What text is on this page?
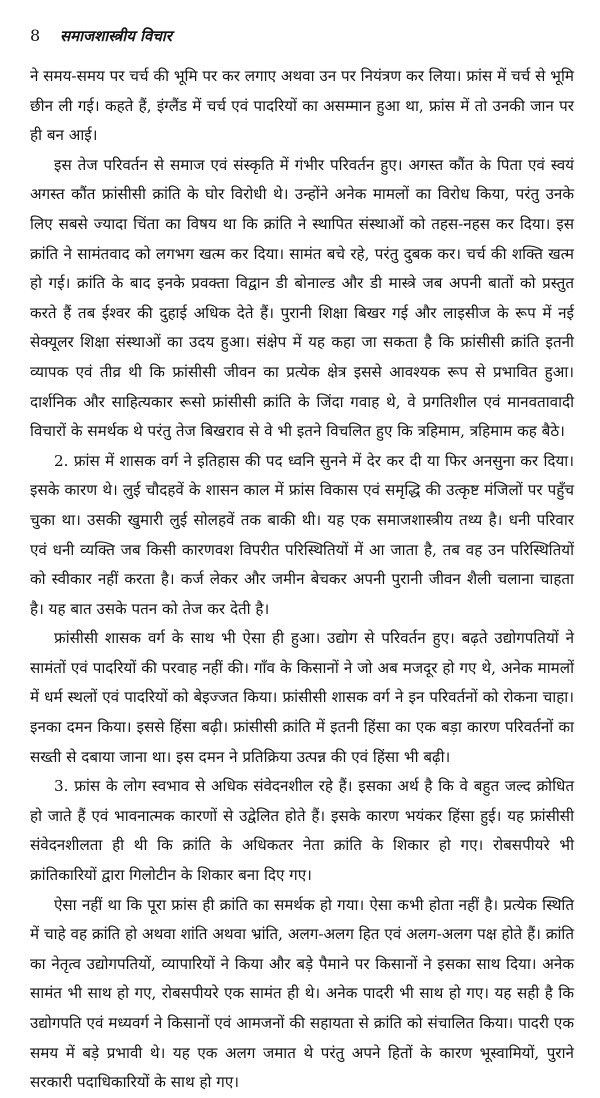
8	समाजशास्त्रीय विचार

ने समय-समय पर चर्च की भूमि पर कर लगाए अथवा उन पर नियंत्रण कर लिया। फ्रांस में चर्च से भूमि छीन ली गई। कहते हैं, इंग्लैंड में चर्च एवं पादरियों का असम्मान हुआ था, फ्रांस में तो उनकी जान पर ही बन आई।

इस तेज परिवर्तन से समाज एवं संस्कृति में गंभीर परिवर्तन हुए। अगस्त कौंत के पिता एवं स्वयं अगस्त कौंत फ्रांसीसी क्रांति के घोर विरोधी थे। उन्होंने अनेक मामलों का विरोध किया, परंतु उनके लिए सबसे ज्यादा चिंता का विषय था कि क्रांति ने स्थापित संस्थाओं को तहस-नहस कर दिया। इस क्रांति ने सामंतवाद को लगभग खत्म कर दिया। सामंत बचे रहे, परंतु दुबक कर। चर्च की शक्ति खत्म हो गई। क्रांति के बाद इनके प्रवक्ता विद्वान डी बोनाल्ड और डी मास्त्रे जब अपनी बातों को प्रस्तुत करते हैं तब ईश्वर की दुहाई अधिक देते हैं। पुरानी शिक्षा बिखर गई और लाइसीज के रूप में नई सेक्यूलर शिक्षा संस्थाओं का उदय हुआ। संक्षेप में यह कहा जा सकता है कि फ्रांसीसी क्रांति इतनी व्यापक एवं तीव्र थी कि फ्रांसीसी जीवन का प्रत्येक क्षेत्र इससे आवश्यक रूप से प्रभावित हुआ। दार्शनिक और साहित्यकार रूसो फ्रांसीसी क्रांति के जिंदा गवाह थे, वे प्रगतिशील एवं मानवतावादी विचारों के समर्थक थे परंतु तेज बिखराव से वे भी इतने विचलित हुए कि त्रहिमाम, त्रहिमाम कह बैठे।

2. फ्रांस में शासक वर्ग ने इतिहास की पद ध्वनि सुनने में देर कर दी या फिर अनसुना कर दिया। इसके कारण थे। लुई चौदहवें के शासन काल में फ्रांस विकास एवं समृद्धि की उत्कृष्ट मंजिलों पर पहुँच चुका था। उसकी खुमारी लुई सोलहवें तक बाकी थी। यह एक समाजशास्त्रीय तथ्य है। धनी परिवार एवं धनी व्यक्ति जब किसी कारणवश विपरीत परिस्थितियों में आ जाता है, तब वह उन परिस्थितियों को स्वीकार नहीं करता है। कर्ज लेकर और जमीन बेचकर अपनी पुरानी जीवन शैली चलाना चाहता है। यह बात उसके पतन को तेज कर देती है।

फ्रांसीसी शासक वर्ग के साथ भी ऐसा ही हुआ। उद्योग से परिवर्तन हुए। बढ़ते उद्योगपतियों ने सामंतों एवं पादरियों की परवाह नहीं की। गाँव के किसानों ने जो अब मजदूर हो गए थे, अनेक मामलों में धर्म स्थलों एवं पादरियों को बेइज्जत किया। फ्रांसीसी शासक वर्ग ने इन परिवर्तनों को रोकना चाहा। इनका दमन किया। इससे हिंसा बढ़ी। फ्रांसीसी क्रांति में इतनी हिंसा का एक बड़ा कारण परिवर्तनों का सख्ती से दबाया जाना था। इस दमन ने प्रतिक्रिया उत्पन्न की एवं हिंसा भी बढ़ी।

3. फ्रांस के लोग स्वभाव से अधिक संवेदनशील रहे हैं। इसका अर्थ है कि वे बहुत जल्द क्रोधित हो जाते हैं एवं भावनात्मक कारणों से उद्वेलित होते हैं। इसके कारण भयंकर हिंसा हुई। यह फ्रांसीसी संवेदनशीलता ही थी कि क्रांति के अधिकतर नेता क्रांति के शिकार हो गए। रोबसपीयरे भी क्रांतिकारियों द्वारा गिलोटीन के शिकार बना दिए गए।

ऐसा नहीं था कि पूरा फ्रांस ही क्रांति का समर्थक हो गया। ऐसा कभी होता नहीं है। प्रत्येक स्थिति में चाहे वह क्रांति हो अथवा शांति अथवा भ्रांति, अलग-अलग हित एवं अलग-अलग पक्ष होते हैं। क्रांति का नेतृत्व उद्योगपतियों, व्यापारियों ने किया और बड़े पैमाने पर किसानों ने इसका साथ दिया। अनेक सामंत भी साथ हो गए, रोबसपीयरे एक सामंत ही थे। अनेक पादरी भी साथ हो गए। यह सही है कि उद्योगपति एवं मध्यवर्ग ने किसानों एवं आमजनों की सहायता से क्रांति को संचालित किया। पादरी एक समय में बड़े प्रभावी थे। यह एक अलग जमात थे परंतु अपने हितों के कारण भूस्वामियों, पुराने सरकारी पदाधिकारियों के साथ हो गए।
